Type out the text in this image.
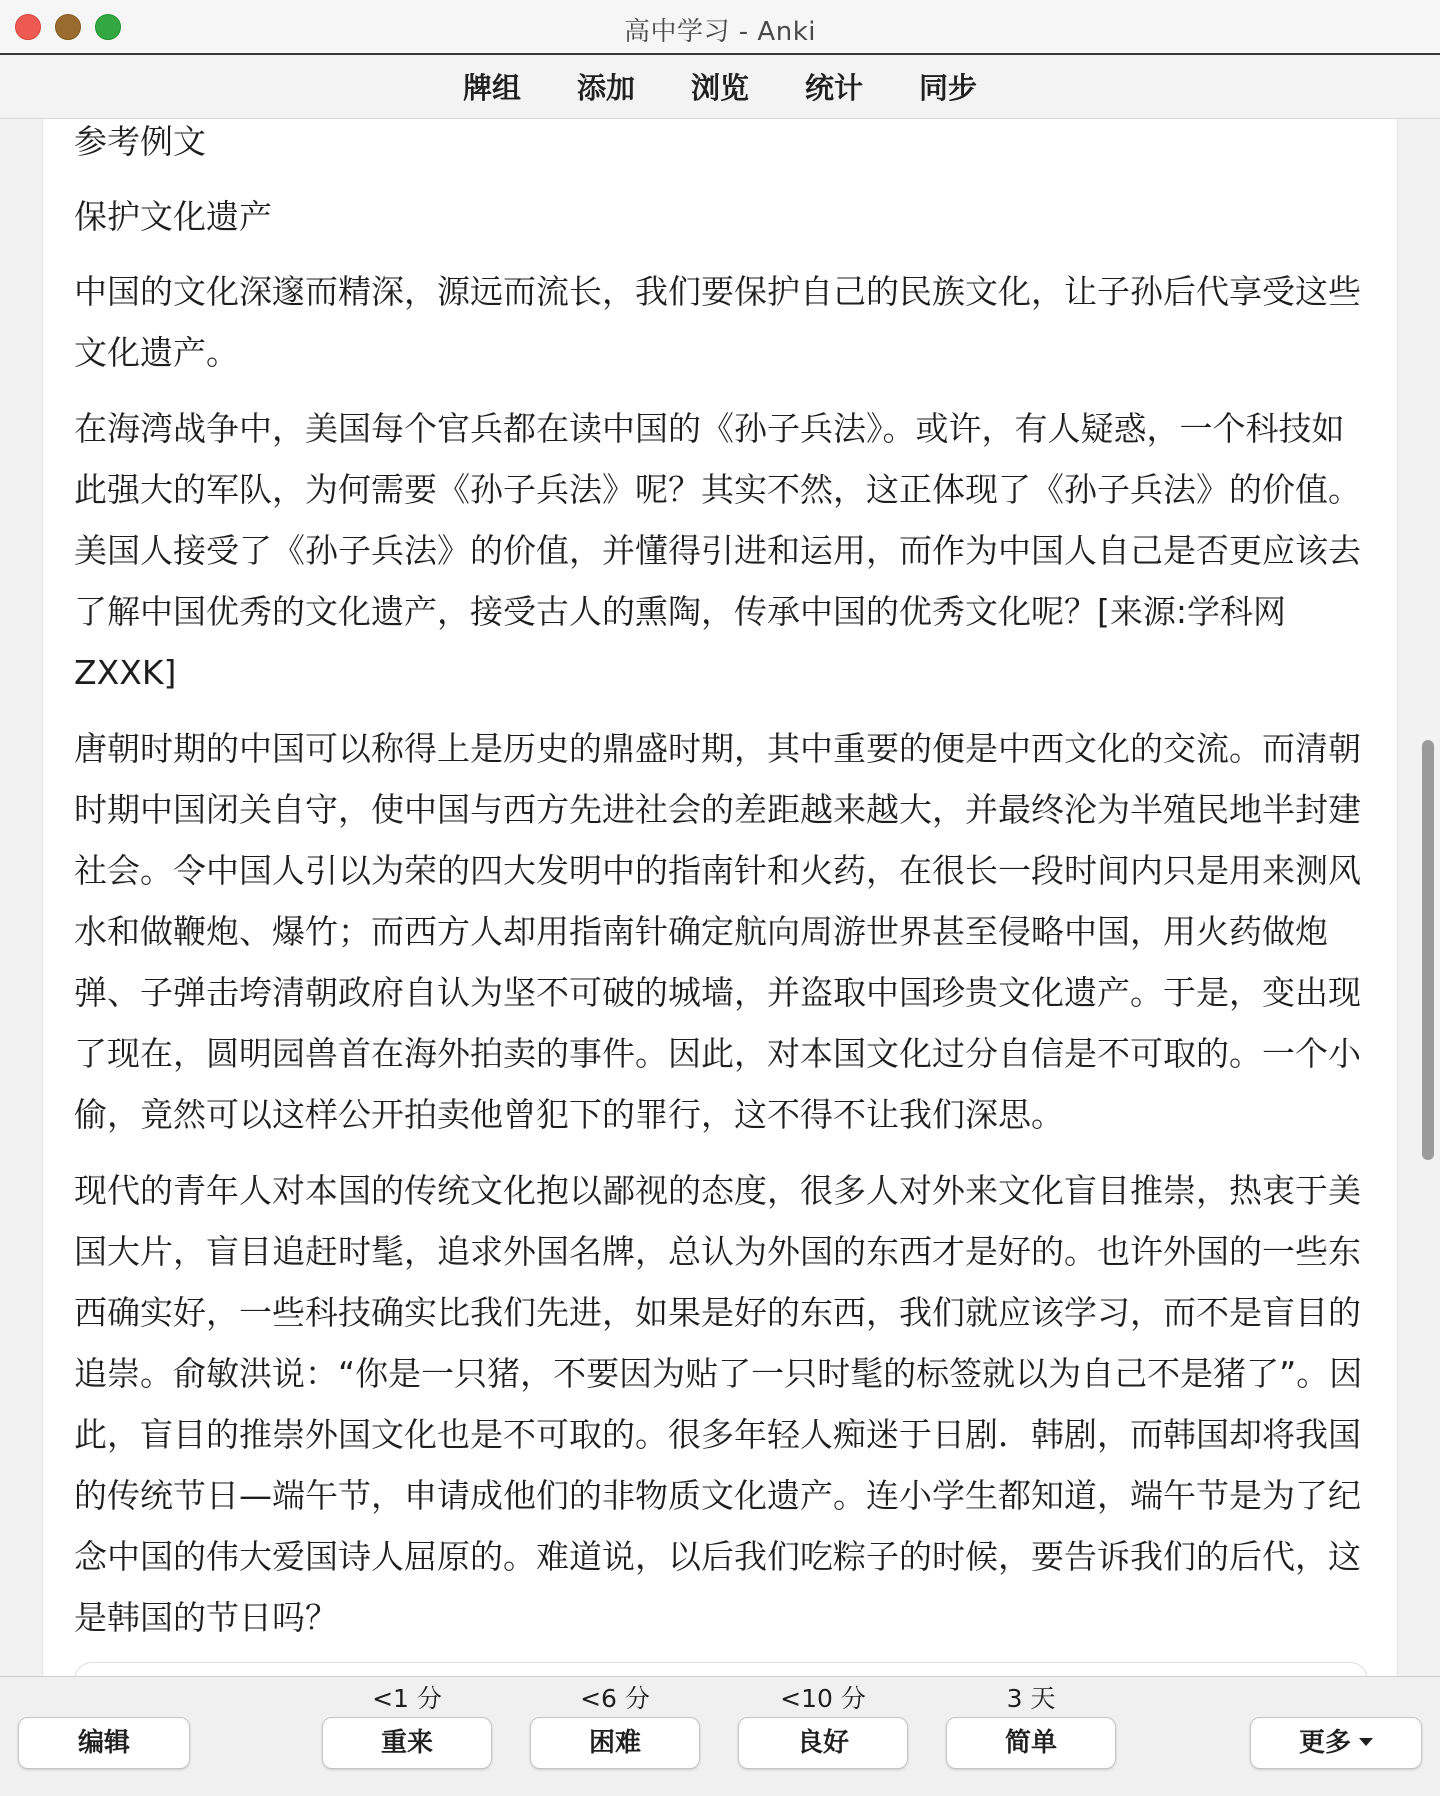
高中学习 - Anki
牌组 添加 浏览 统计 同步

参考例文

保护文化遗产

中国的文化深邃而精深，源远而流长，我们要保护自己的民族文化，让子孙后代享受这些文化遗产。

在海湾战争中，美国每个官兵都在读中国的《孙子兵法》。或许，有人疑惑，一个科技如此强大的军队，为何需要《孙子兵法》呢？其实不然，这正体现了《孙子兵法》的价值。美国人接受了《孙子兵法》的价值，并懂得引进和运用，而作为中国人自己是否更应该去了解中国优秀的文化遗产，接受古人的熏陶，传承中国的优秀文化呢？[来源:学科网ZXXK]

唐朝时期的中国可以称得上是历史的鼎盛时期，其中重要的便是中西文化的交流。而清朝时期中国闭关自守，使中国与西方先进社会的差距越来越大，并最终沦为半殖民地半封建社会。令中国人引以为荣的四大发明中的指南针和火药，在很长一段时间内只是用来测风水和做鞭炮、爆竹；而西方人却用指南针确定航向周游世界甚至侵略中国，用火药做炮弹、子弹击垮清朝政府自认为坚不可破的城墙，并盗取中国珍贵文化遗产。于是，变出现了现在，圆明园兽首在海外拍卖的事件。因此，对本国文化过分自信是不可取的。一个小偷，竟然可以这样公开拍卖他曾犯下的罪行，这不得不让我们深思。

现代的青年人对本国的传统文化抱以鄙视的态度，很多人对外来文化盲目推崇，热衷于美国大片，盲目追赶时髦，追求外国名牌，总认为外国的东西才是好的。也许外国的一些东西确实好，一些科技确实比我们先进，如果是好的东西，我们就应该学习，而不是盲目的追崇。俞敏洪说：“你是一只猪，不要因为贴了一只时髦的标签就以为自己不是猪了”。因此，盲目的推崇外国文化也是不可取的。很多年轻人痴迷于日剧．韩剧，而韩国却将我国的传统节日—端午节，申请成他们的非物质文化遗产。连小学生都知道，端午节是为了纪念中国的伟大爱国诗人屈原的。难道说，以后我们吃粽子的时候，要告诉我们的后代，这是韩国的节日吗？

编辑
<1 分
重来
<6 分
困难
<10 分
良好
3 天
简单	更多
